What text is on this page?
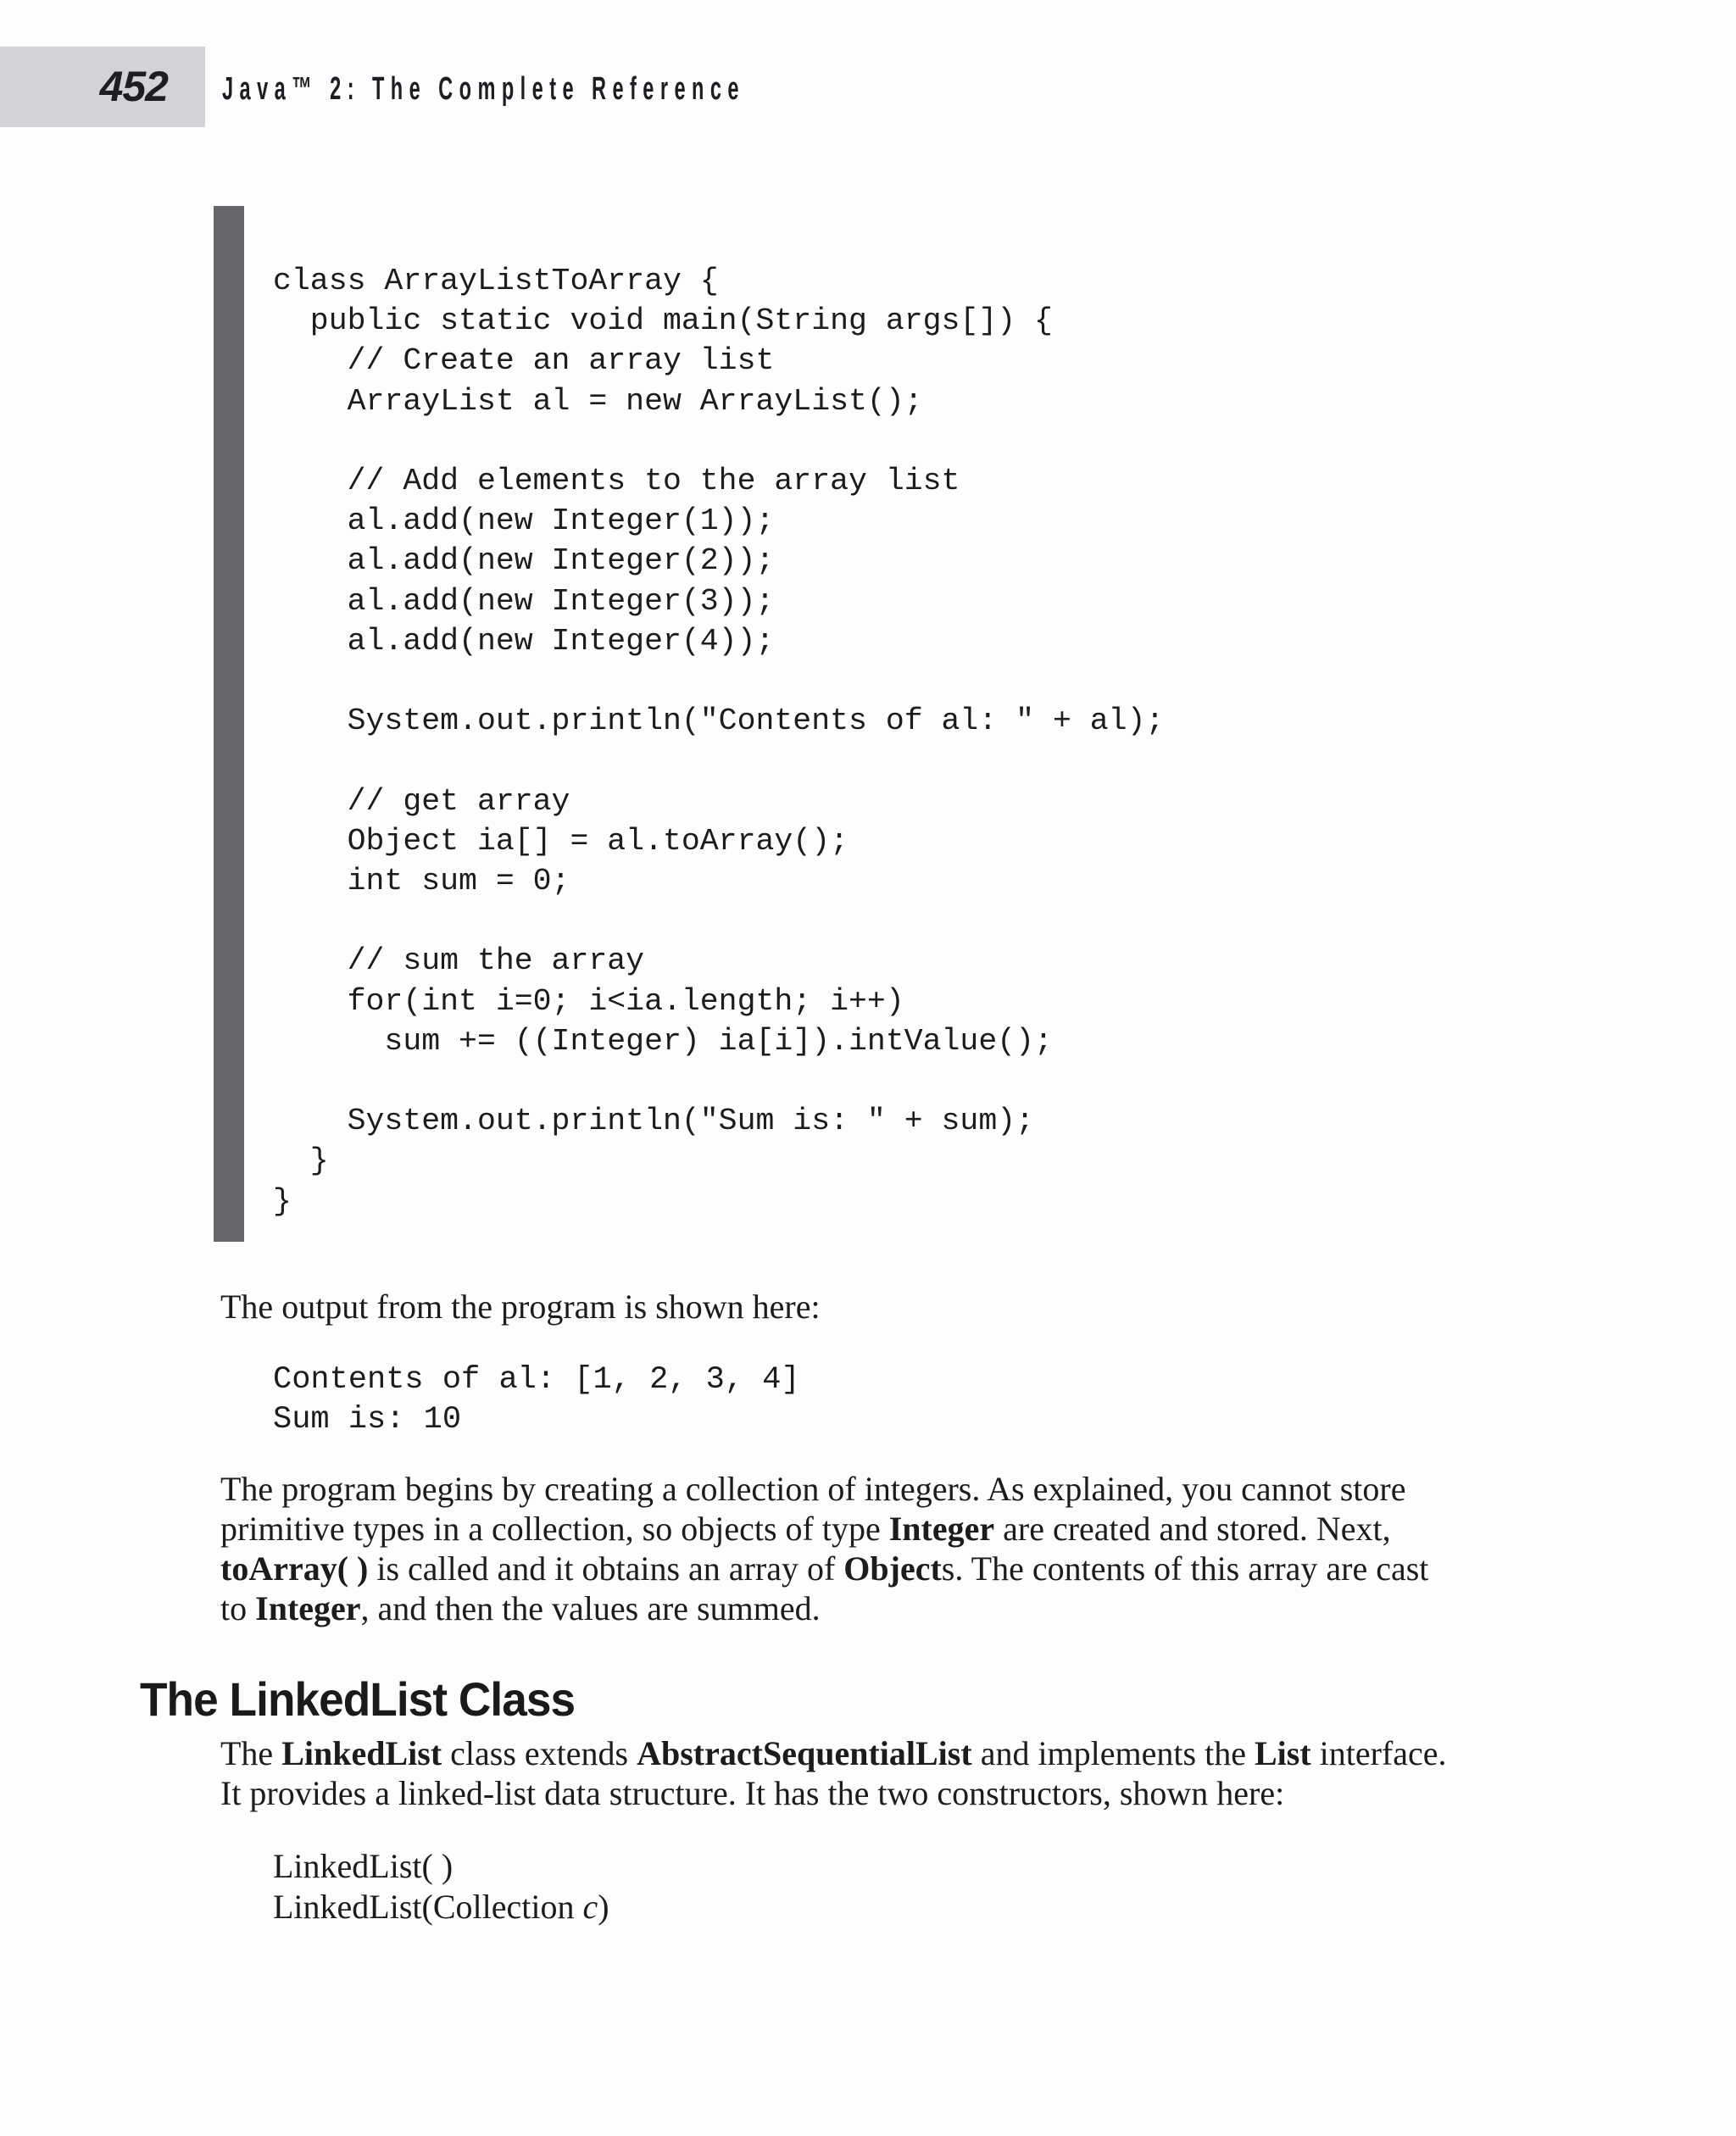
452 Java™ 2: The Complete Reference
class ArrayListToArray {
public static void main(String args[]) {
// Create an array list
ArrayList al = new ArrayList();

// Add elements to the array list
al.add(new Integer(1));
al.add(new Integer(2));
al.add(new Integer(3));
al.add(new Integer(4));

System.out.println("Contents of al: " + al);

// get array
Object ia[] = al.toArray();
int sum = 0;

// sum the array
for(int i=0; i<ia.length; i++)
sum += ((Integer) ia[i]).intValue();

System.out.println("Sum is: " + sum);
}
}

The output from the program is shown here:

Contents of al: [1, 2, 3, 4]
Sum is: 10
The program begins by creating a collection of integers. As explained, you cannot store
primitive types in a collection, so objects of type Integer are created and stored. Next,
toArray( ) is called and it obtains an array of Objects. The contents of this array are cast
to Integer, and then the values are summed.
The LinkedList Class
The LinkedList class extends AbstractSequentialList and implements the List interface.
It provides a linked-list data structure. It has the two constructors, shown here:
LinkedList( )
LinkedList(Collection c)
